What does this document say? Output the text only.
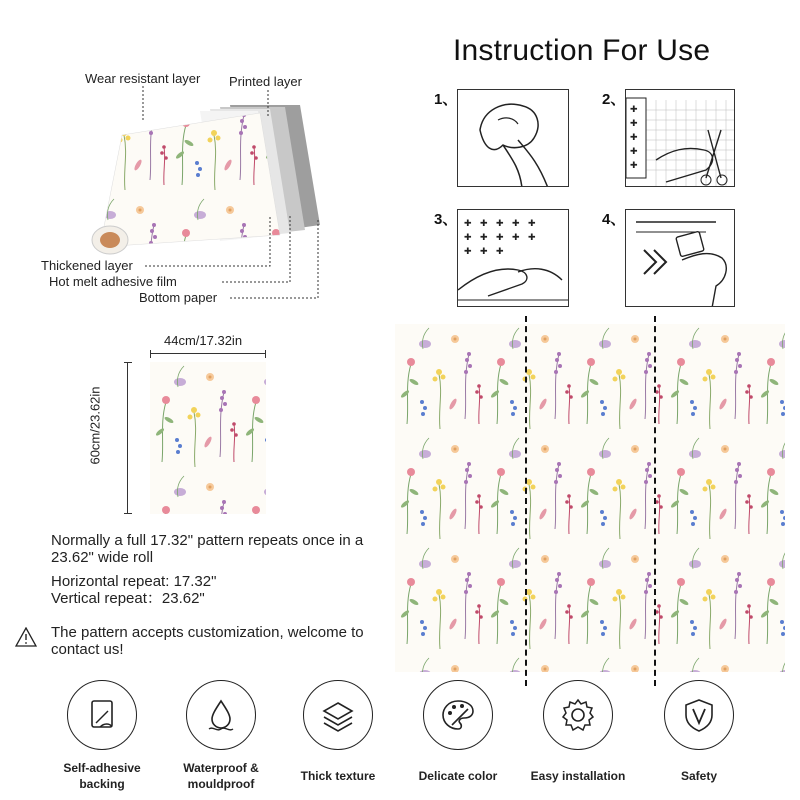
Wear resistant layer Printed layer
Thickened layer
Hot melt adhesive film
Bottom paper
Instruction For Use
1、	2、
✚
✚
✚
✚
✚
3、 ✚ ✚ ✚ ✚ ✚
✚ ✚ ✚ ✚ ✚
✚ ✚ ✚
4、
44cm/17.32in
60cm/23.62in
Normally a full 17.32" pattern repeats once in a 23.62" wide roll
Horizontal repeat: 17.32"
Vertical repeat：23.62"
The pattern accepts customization, welcome to contact us!
Self-adhesive backing
Waterproof & mouldproof
Thick texture	Delicate color	Easy installation	Safety
